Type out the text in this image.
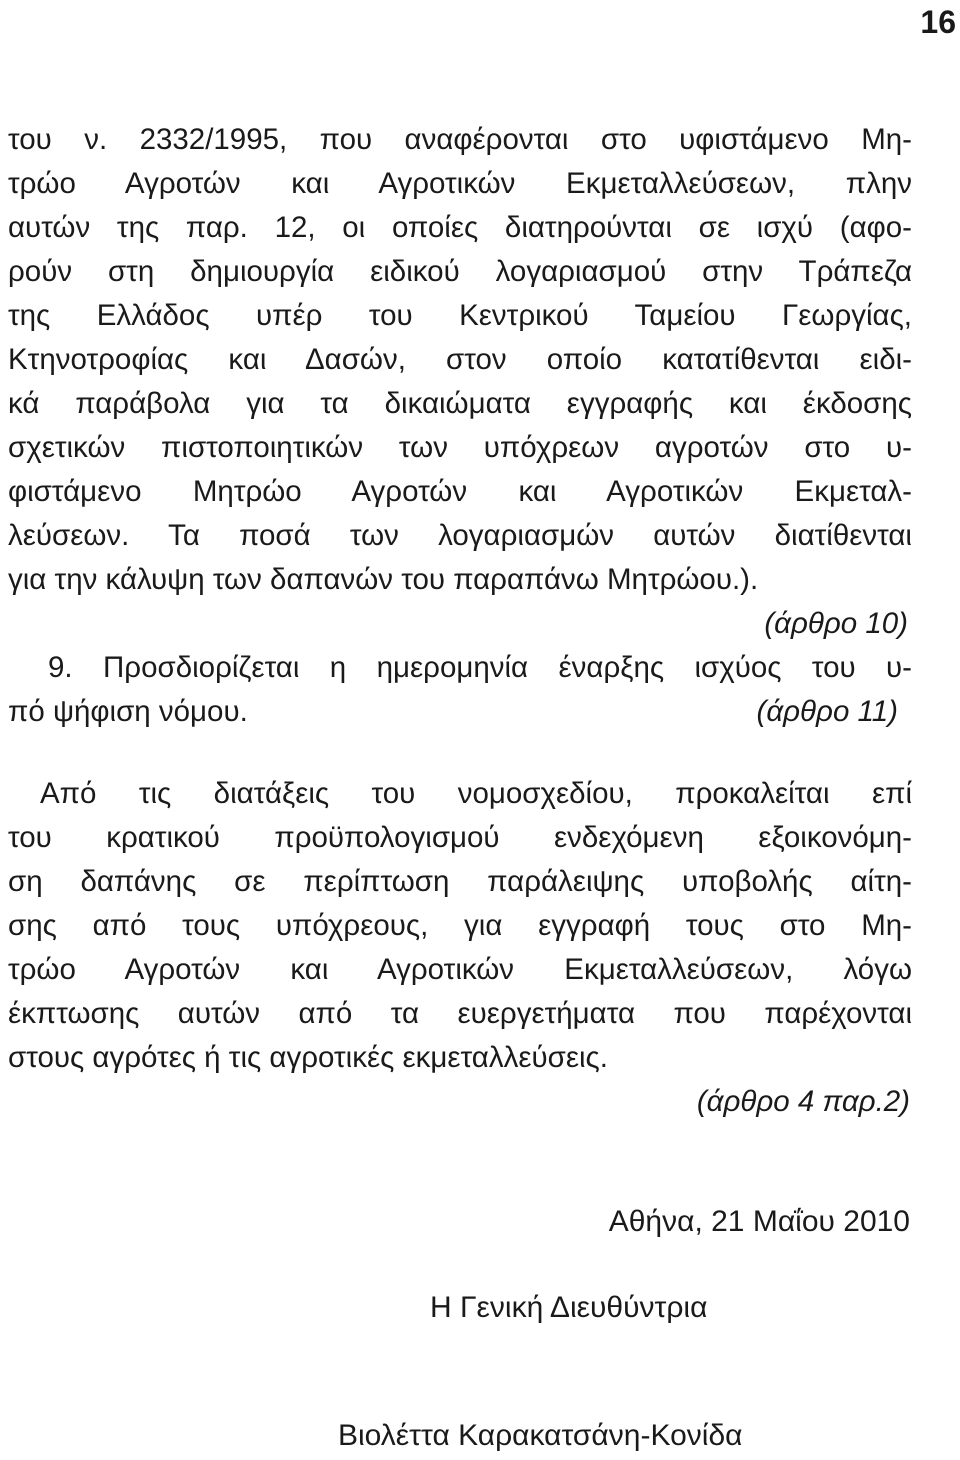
16
του ν. 2332/1995, που αναφέρονται στο υφιστάμενο Μη-
τρώο Αγροτών και Αγροτικών Εκμεταλλεύσεων, πλην
αυτών της παρ. 12, οι οποίες διατηρούνται σε ισχύ (αφο-
ρούν στη δημιουργία ειδικού λογαριασμού στην Τράπεζα
της Ελλάδος υπέρ του Κεντρικού Ταμείου Γεωργίας,
Κτηνοτροφίας και Δασών, στον οποίο κατατίθενται ειδι-
κά παράβολα για τα δικαιώματα εγγραφής και έκδοσης
σχετικών πιστοποιητικών των υπόχρεων αγροτών στο υ-
φιστάμενο Μητρώο Αγροτών και Αγροτικών Εκμεταλ-
λεύσεων. Τα ποσά των λογαριασμών αυτών διατίθενται
για την κάλυψη των δαπανών του παραπάνω Μητρώου.).
(άρθρο 10)
9. Προσδιορίζεται η ημερομηνία έναρξης ισχύος του υ-
πό ψήφιση νόμου.	(άρθρο 11)
Από τις διατάξεις του νομοσχεδίου, προκαλείται επί
του κρατικού προϋπολογισμού ενδεχόμενη εξοικονόμη-
ση δαπάνης σε περίπτωση παράλειψης υποβολής αίτη-
σης από τους υπόχρεους, για εγγραφή τους στο Μη-
τρώο Αγροτών και Αγροτικών Εκμεταλλεύσεων, λόγω
έκπτωσης αυτών από τα ευεργετήματα που παρέχονται
στους αγρότες ή τις αγροτικές εκμεταλλεύσεις.
(άρθρο 4 παρ.2)
Αθήνα, 21 Μαΐου 2010
Η Γενική Διευθύντρια
Βιολέττα Καρακατσάνη-Κονίδα
